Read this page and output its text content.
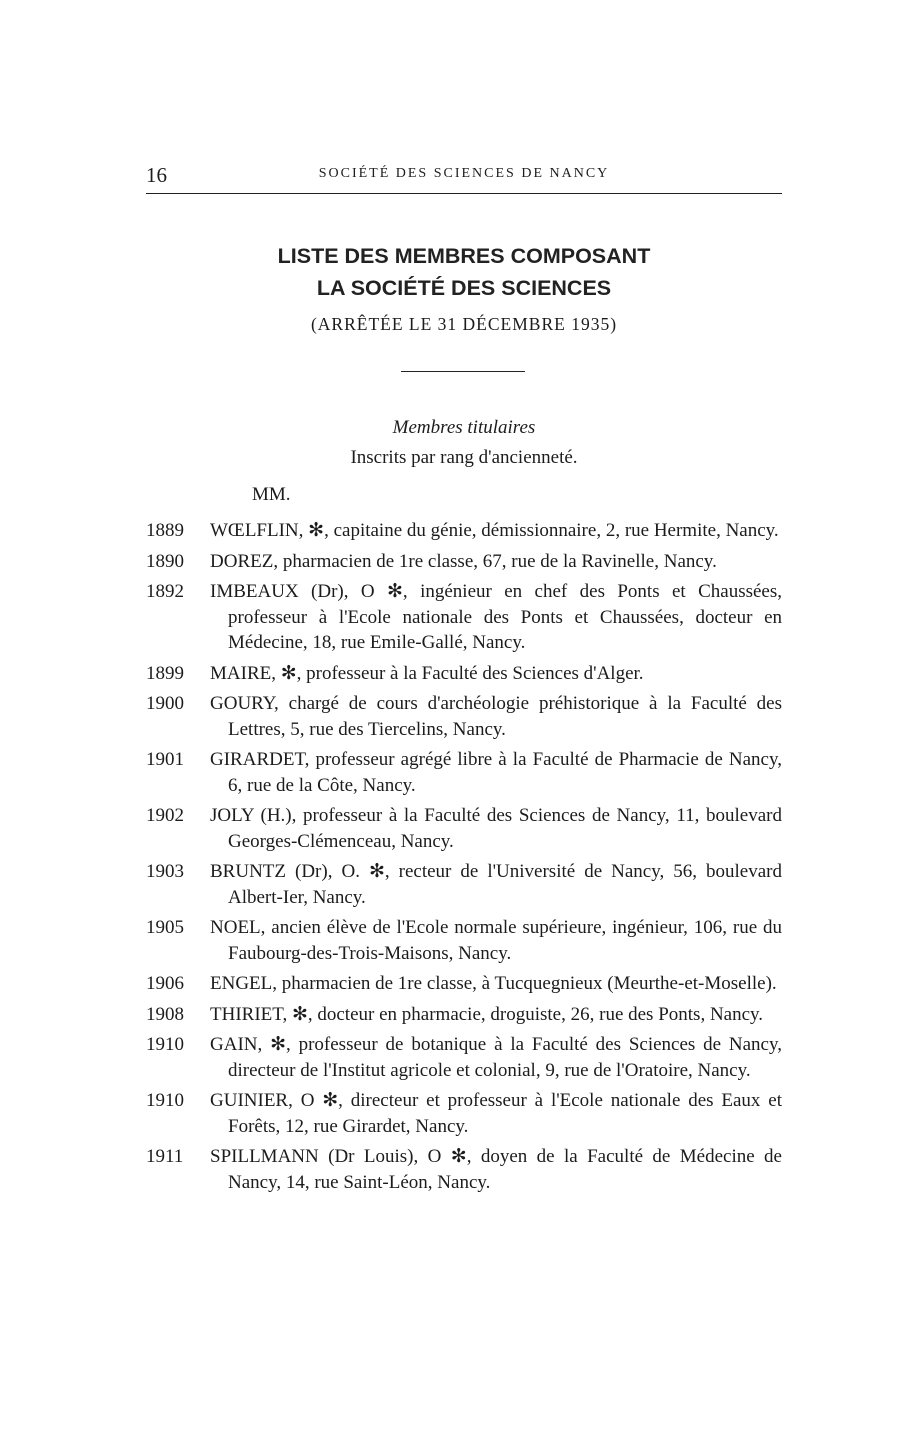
16	SOCIÉTÉ DES SCIENCES DE NANCY
LISTE DES MEMBRES COMPOSANT
LA SOCIÉTÉ DES SCIENCES
(ARRÊTÉE LE 31 DÉCEMBRE 1935)
Membres titulaires
Inscrits par rang d'ancienneté.
MM.
1889	WŒLFLIN, ✻, capitaine du génie, démissionnaire, 2, rue Hermite, Nancy.
1890	DOREZ, pharmacien de 1re classe, 67, rue de la Ravinelle, Nancy.
1892	IMBEAUX (Dr), O ✻, ingénieur en chef des Ponts et Chaussées, professeur à l'Ecole nationale des Ponts et Chaussées, docteur en Médecine, 18, rue Emile-Gallé, Nancy.
1899	MAIRE, ✻, professeur à la Faculté des Sciences d'Alger.
1900	GOURY, chargé de cours d'archéologie préhistorique à la Faculté des Lettres, 5, rue des Tiercelins, Nancy.
1901	GIRARDET, professeur agrégé libre à la Faculté de Pharmacie de Nancy, 6, rue de la Côte, Nancy.
1902	JOLY (H.), professeur à la Faculté des Sciences de Nancy, 11, boulevard Georges-Clémenceau, Nancy.
1903	BRUNTZ (Dr), O. ✻, recteur de l'Université de Nancy, 56, boulevard Albert-Ier, Nancy.
1905	NOEL, ancien élève de l'Ecole normale supérieure, ingénieur, 106, rue du Faubourg-des-Trois-Maisons, Nancy.
1906	ENGEL, pharmacien de 1re classe, à Tucquegnieux (Meurthe-et-Moselle).
1908	THIRIET, ✻, docteur en pharmacie, droguiste, 26, rue des Ponts, Nancy.
1910	GAIN, ✻, professeur de botanique à la Faculté des Sciences de Nancy, directeur de l'Institut agricole et colonial, 9, rue de l'Oratoire, Nancy.
1910	GUINIER, O ✻, directeur et professeur à l'Ecole nationale des Eaux et Forêts, 12, rue Girardet, Nancy.
1911	SPILLMANN (Dr Louis), O ✻, doyen de la Faculté de Médecine de Nancy, 14, rue Saint-Léon, Nancy.
